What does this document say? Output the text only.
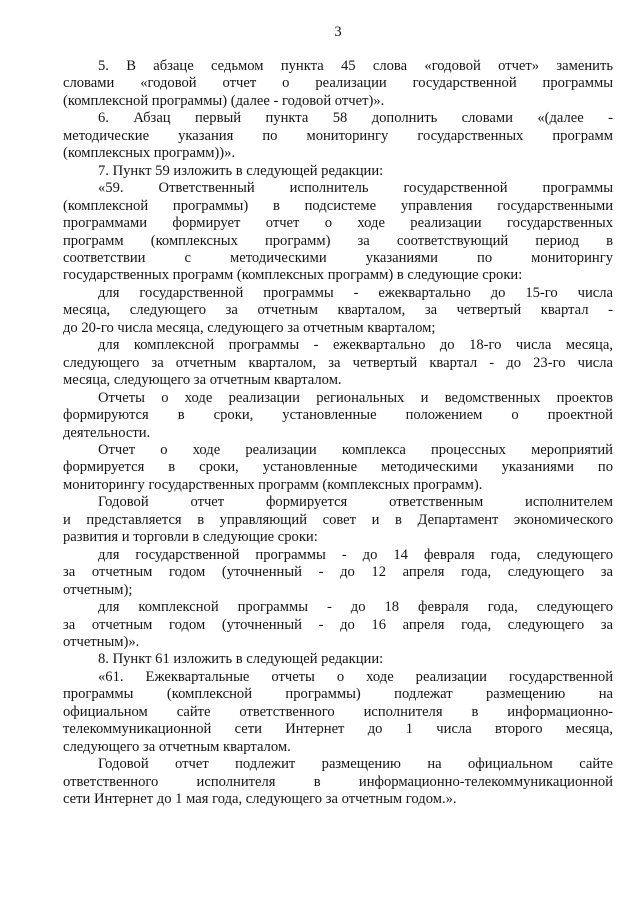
3
5. В абзаце седьмом пункта 45 слова «годовой отчет» заменить
словами «годовой отчет о реализации государственной программы
(комплексной программы) (далее - годовой отчет)».
6. Абзац первый пункта 58 дополнить словами «(далее -
методические указания по мониторингу государственных программ
(комплексных программ))».
7. Пункт 59 изложить в следующей редакции:
«59. Ответственный исполнитель государственной программы
(комплексной программы) в подсистеме управления государственными
программами формирует отчет о ходе реализации государственных
программ (комплексных программ) за соответствующий период в
соответствии с методическими указаниями по мониторингу
государственных программ (комплексных программ) в следующие сроки:
для государственной программы - ежеквартально до 15-го числа
месяца, следующего за отчетным кварталом, за четвертый квартал -
до 20-го числа месяца, следующего за отчетным кварталом;
для комплексной программы - ежеквартально до 18-го числа месяца,
следующего за отчетным кварталом, за четвертый квартал - до 23-го числа
месяца, следующего за отчетным кварталом.
Отчеты о ходе реализации региональных и ведомственных проектов
формируются в сроки, установленные положением о проектной
деятельности.
Отчет о ходе реализации комплекса процессных мероприятий
формируется в сроки, установленные методическими указаниями по
мониторингу государственных программ (комплексных программ).
Годовой отчет формируется ответственным исполнителем
и представляется в управляющий совет и в Департамент экономического
развития и торговли в следующие сроки:
для государственной программы - до 14 февраля года, следующего
за отчетным годом (уточненный - до 12 апреля года, следующего за
отчетным);
для комплексной программы - до 18 февраля года, следующего
за отчетным годом (уточненный - до 16 апреля года, следующего за
отчетным)».
8. Пункт 61 изложить в следующей редакции:
«61. Ежеквартальные отчеты о ходе реализации государственной
программы (комплексной программы) подлежат размещению на
официальном сайте ответственного исполнителя в информационно-
телекоммуникационной сети Интернет до 1 числа второго месяца,
следующего за отчетным кварталом.
Годовой отчет подлежит размещению на официальном сайте
ответственного исполнителя в информационно-телекоммуникационной
сети Интернет до 1 мая года, следующего за отчетным годом.».
